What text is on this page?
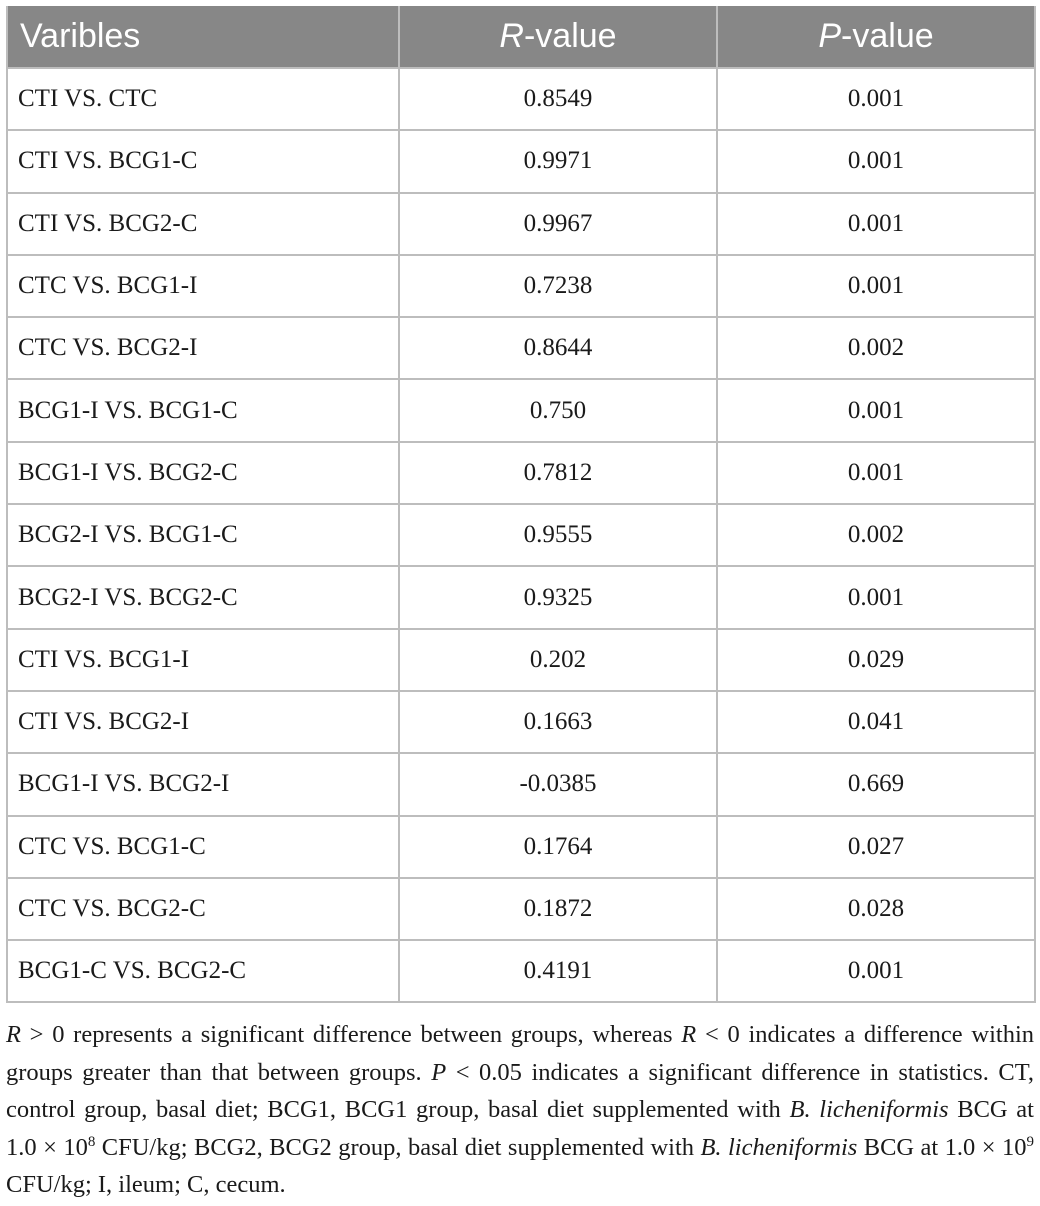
Varibles	R-value	P-value
CTI VS. CTC	0.8549	0.001
CTI VS. BCG1-C	0.9971	0.001
CTI VS. BCG2-C	0.9967	0.001
CTC VS. BCG1-I	0.7238	0.001
CTC VS. BCG2-I	0.8644	0.002
BCG1-I VS. BCG1-C	0.750	0.001
BCG1-I VS. BCG2-C	0.7812	0.001
BCG2-I VS. BCG1-C	0.9555	0.002
BCG2-I VS. BCG2-C	0.9325	0.001
CTI VS. BCG1-I	0.202	0.029
CTI VS. BCG2-I	0.1663	0.041
BCG1-I VS. BCG2-I	-0.0385	0.669
CTC VS. BCG1-C	0.1764	0.027
CTC VS. BCG2-C	0.1872	0.028
BCG1-C VS. BCG2-C	0.4191	0.001
R > 0 represents a significant difference between groups, whereas R < 0 indicates a difference within groups greater than that between groups. P < 0.05 indicates a significant difference in statistics. CT, control group, basal diet; BCG1, BCG1 group, basal diet supplemented with B. licheniformis BCG at $1.0 \times 10^8$ CFU/kg; BCG2, BCG2 group, basal diet supplemented with B. licheniformis BCG at $1.0 \times 10^9$ CFU/kg; I, ileum; C, cecum.
